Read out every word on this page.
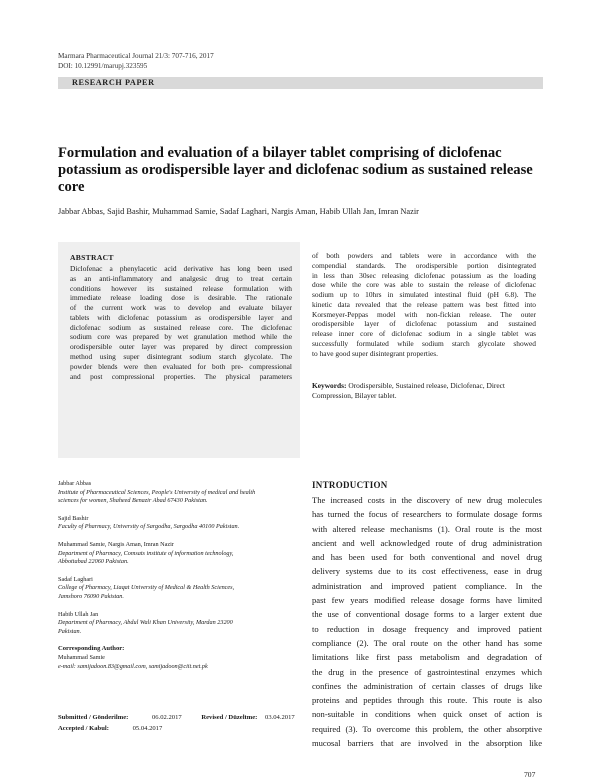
Marmara Pharmaceutical Journal 21/3: 707-716, 2017
DOI: 10.12991/marupj.323595
RESEARCH PAPER
Formulation and evaluation of a bilayer tablet comprising of diclofenac potassium as orodispersible layer and diclofenac sodium as sustained release core
Jabbar Abbas, Sajid Bashir, Muhammad Samie, Sadaf Laghari, Nargis Aman, Habib Ullah Jan, Imran Nazir
ABSTRACT
Diclofenac a phenylacetic acid derivative has long been used
as an anti-inflammatory and analgesic drug to treat certain
conditions however its sustained release formulation with
immediate release loading dose is desirable. The rationale
of the current work was to develop and evaluate bilayer
tablets with diclofenac potassium as orodispersible layer and
diclofenac sodium as sustained release core. The diclofenac
sodium core was prepared by wet granulation method while the
orodispersible outer layer was prepared by direct compression
method using super disintegrant sodium starch glycolate. The
powder blends were then evaluated for both pre- compressional
and post compressional properties. The physical parameters
of both powders and tablets were in accordance with the
compendial standards. The orodispersible portion disintegrated
in less than 30sec releasing diclofenac potassium as the loading
dose while the core was able to sustain the release of diclofenac
sodium up to 10hrs in simulated intestinal fluid (pH 6.8). The
kinetic data revealed that the release pattern was best fitted into
Korsmeyer-Peppas model with non-fickian release. The outer
orodispersible layer of diclofenac potassium and sustained
release inner core of diclofenac sodium in a single tablet was
successfully formulated while sodium starch glycolate showed
to have good super disintegrant properties.
Keywords: Orodispersible, Sustained release, Diclofenac, Direct Compression, Bilayer tablet.
Jabbar Abbas
Institute of Pharmaceutical Sciences, People's University of medical and health
sciences for women, Shaheed Benazir Abad 67430 Pakistan.
Sajid Bashir
Faculty of Pharmacy, University of Sargodha, Sargodha 40100 Pakistan.
Muhammad Samie, Nargis Aman, Imran Nazir
Department of Pharmacy, Comsats institute of information technology,
Abbottabad 22060 Pakistan.
Sadaf Laghari
College of Pharmacy, Liaqat University of Medical & Health Sciences,
Jamshoro 76090 Pakistan.
Habib Ullah Jan
Department of Pharmacy, Abdul Wali Khan University, Mardan 23200
Pakistan.
Corresponding Author:
Muhammad Samie
e-mail: samijadoon.83@gmail.com, samijadoon@ciit.net.pk
Submitted / Gönderilme:	06.02.2017	Revised / Düzeltme: 03.04.2017
Accepted / Kabul:	05.04.2017
INTRODUCTION
The increased costs in the discovery of new drug molecules
has turned the focus of researchers to formulate dosage forms
with altered release mechanisms (1). Oral route is the most
ancient and well acknowledged route of drug administration
and has been used for both conventional and novel drug
delivery systems due to its cost effectiveness, ease in drug
administration and improved patient compliance. In the
past few years modified release dosage forms have limited
the use of conventional dosage forms to a larger extent due
to reduction in dosage frequency and improved patient
compliance (2). The oral route on the other hand has some
limitations like first pass metabolism and degradation of
the drug in the presence of gastrointestinal enzymes which
confines the administration of certain classes of drugs like
proteins and peptides through this route. This route is also
non-suitable in conditions when quick onset of action is
required (3). To overcome this problem, the other absorptive
mucosal barriers that are involved in the absorption like
707
